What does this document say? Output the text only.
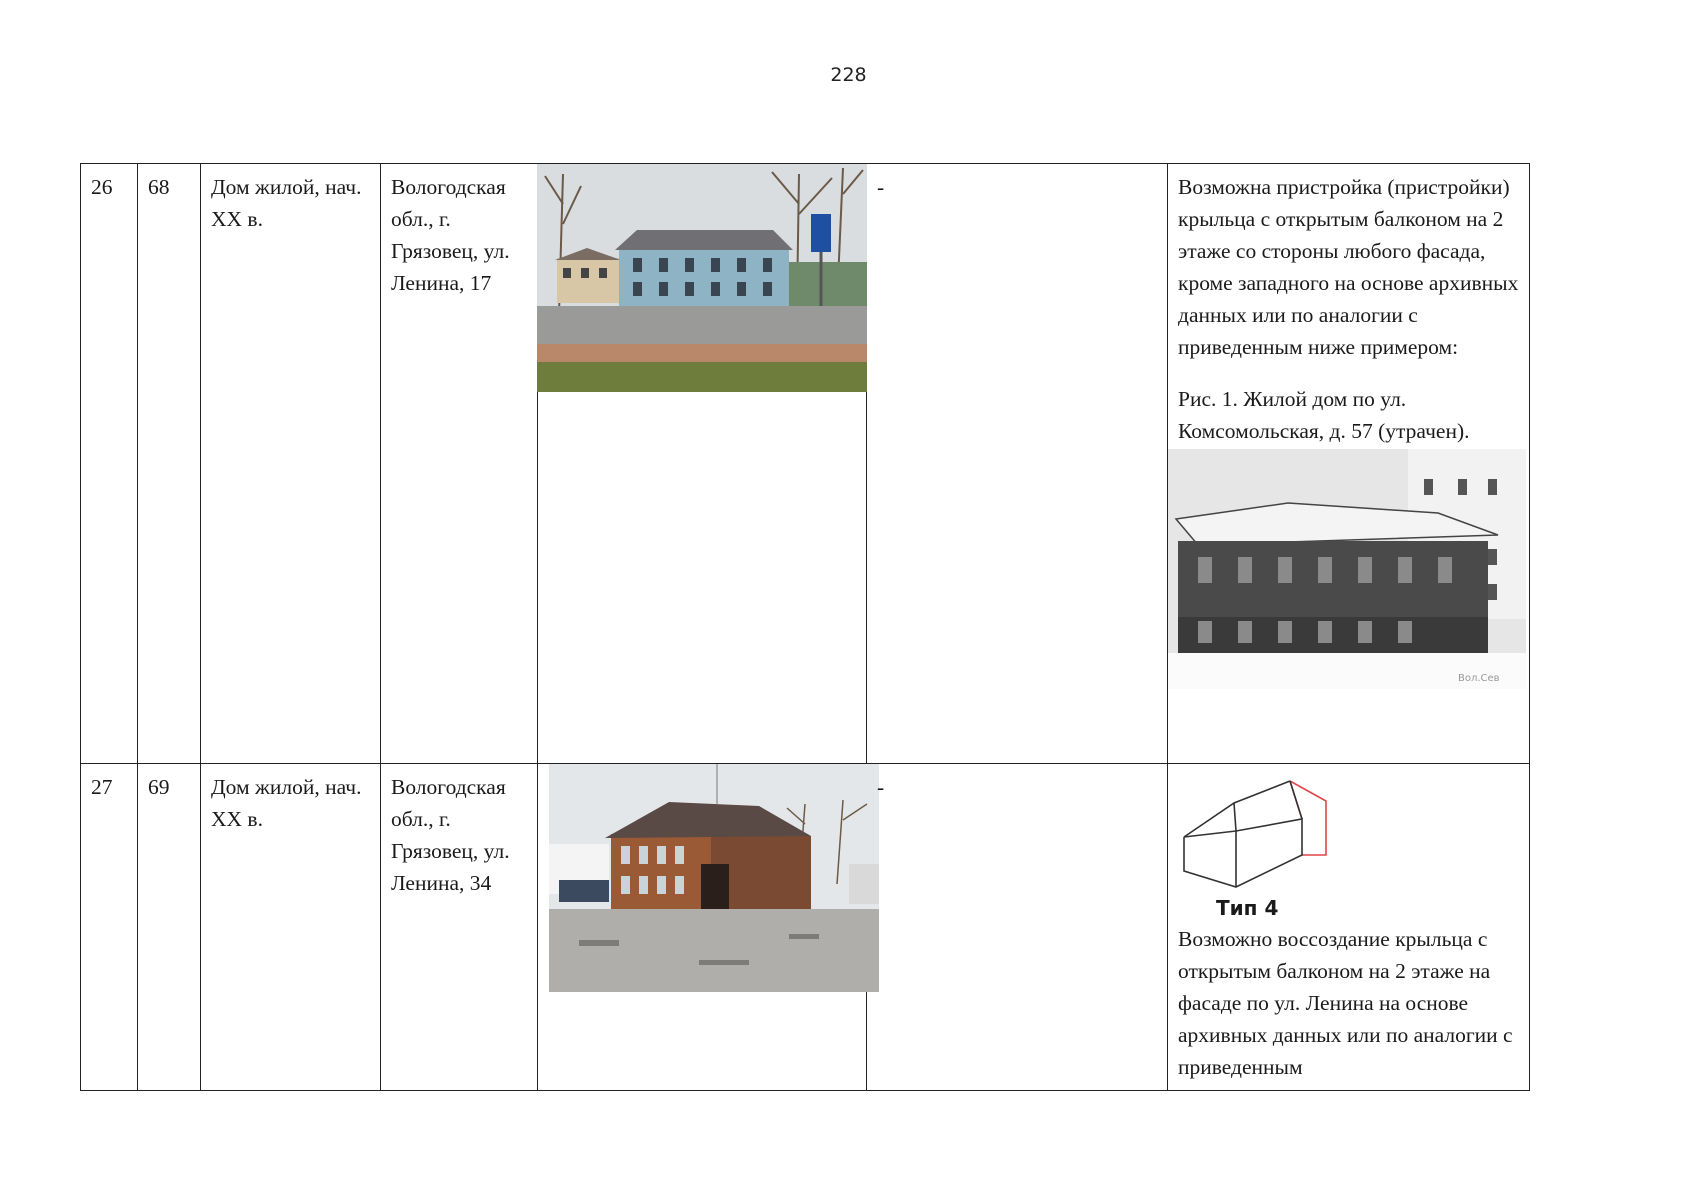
228
26	68	Дом жилой, нач. XX в.	Вологодская обл., г. Грязовец, ул. Ленина, 17		-	Возможна пристройка (пристройки) крыльца с открытым балконом на 2 этаже со стороны любого фасада, кроме западного на основе архивных данных или по аналогии с приведенным ниже примером:
Рис. 1. Жилой дом по ул. Комсомольская, д. 57 (утрачен).
Вол.Сев

27	69	Дом жилой, нач. XX в.	Вологодская обл., г. Грязовец, ул. Ленина, 34		-	Тип 4
Возможно воссоздание крыльца с открытым балконом на 2 этаже на фасаде по ул. Ленина на основе архивных данных или по аналогии с приведенным
